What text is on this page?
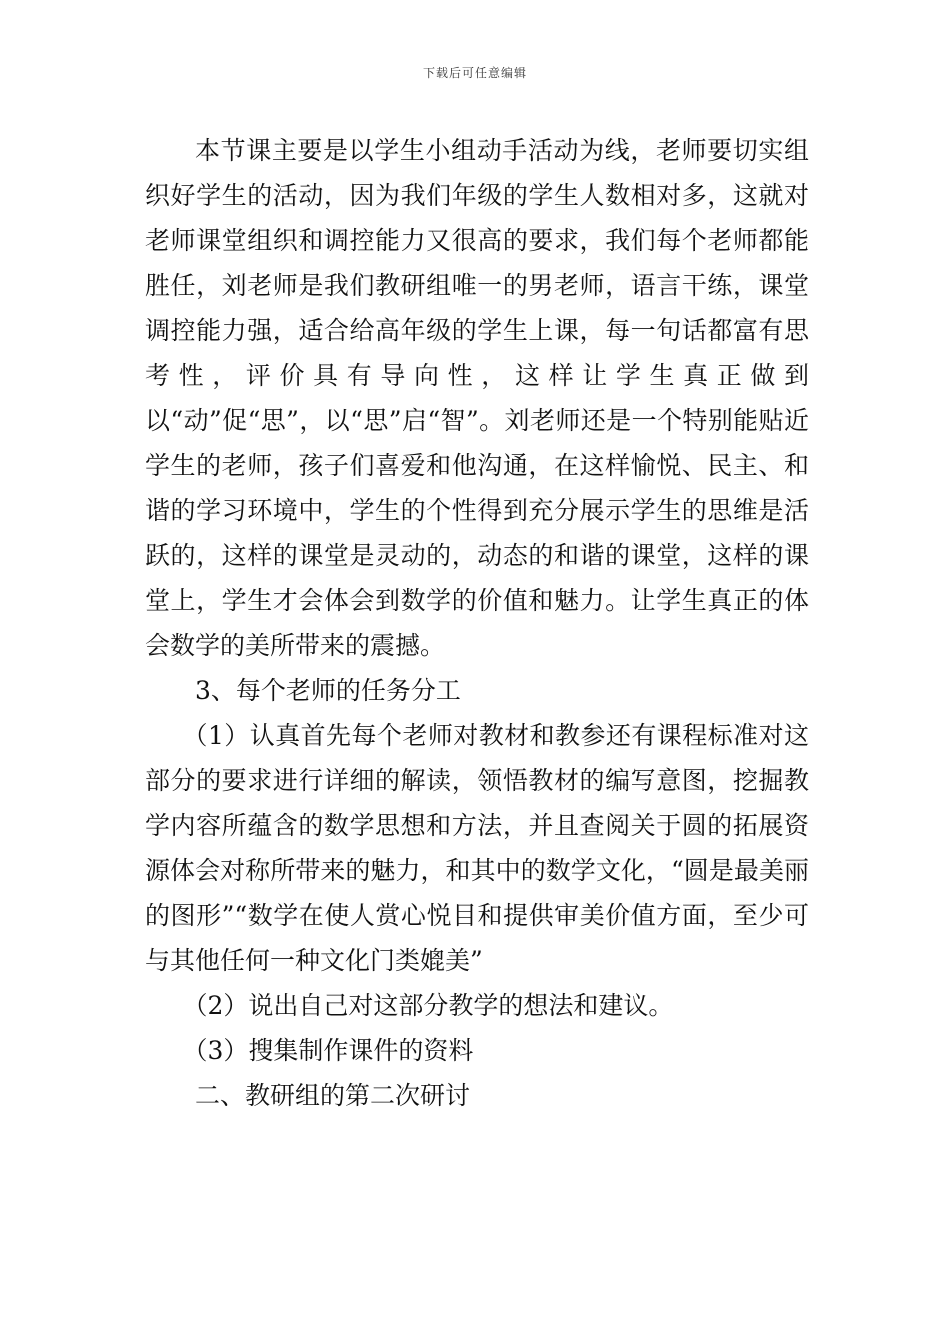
下载后可任意编辑

本节课主要是以学生小组动手活动为线，老师要切实组织好学生的活动，因为我们年级的学生人数相对多，这就对老师课堂组织和调控能力又很高的要求，我们每个老师都能胜任，刘老师是我们教研组唯一的男老师，语言干练，课堂调控能力强，适合给高年级的学生上课，每一句话都富有思考性，评价具有导向性，这样让学生真正做到以“动”促“思”，以“思”启“智”。刘老师还是一个特别能贴近学生的老师，孩子们喜爱和他沟通，在这样愉悦、民主、和谐的学习环境中，学生的个性得到充分展示学生的思维是活跃的，这样的课堂是灵动的，动态的和谐的课堂，这样的课堂上，学生才会体会到数学的价值和魅力。让学生真正的体会数学的美所带来的震撼。

3、每个老师的任务分工

（1）认真首先每个老师对教材和教参还有课程标准对这部分的要求进行详细的解读，领悟教材的编写意图，挖掘教学内容所蕴含的数学思想和方法，并且查阅关于圆的拓展资源体会对称所带来的魅力，和其中的数学文化，“圆是最美丽的图形”“数学在使人赏心悦目和提供审美价值方面，至少可与其他任何一种文化门类媲美”

（2）说出自己对这部分教学的想法和建议。

（3）搜集制作课件的资料

二、教研组的第二次研讨
